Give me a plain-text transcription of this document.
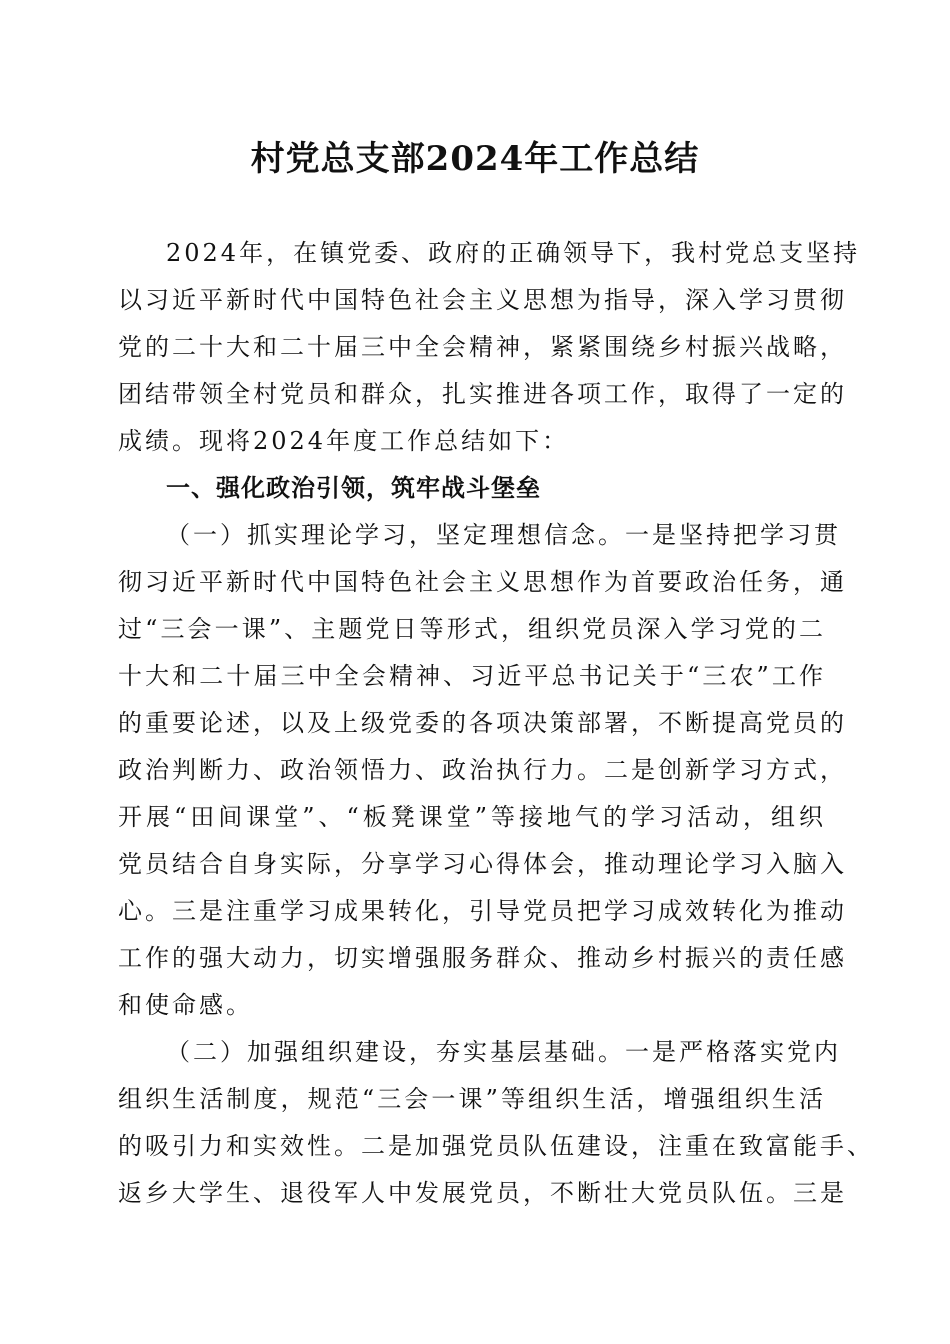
村党总支部2024年工作总结
2024年，在镇党委、政府的正确领导下，我村党总支坚持
以习近平新时代中国特色社会主义思想为指导，深入学习贯彻
党的二十大和二十届三中全会精神，紧紧围绕乡村振兴战略，
团结带领全村党员和群众，扎实推进各项工作，取得了一定的
成绩。现将2024年度工作总结如下：
一、强化政治引领，筑牢战斗堡垒
（一）抓实理论学习，坚定理想信念。一是坚持把学习贯
彻习近平新时代中国特色社会主义思想作为首要政治任务，通
过“三会一课”、主题党日等形式，组织党员深入学习党的二
十大和二十届三中全会精神、习近平总书记关于“三农”工作
的重要论述，以及上级党委的各项决策部署，不断提高党员的
政治判断力、政治领悟力、政治执行力。二是创新学习方式，
开展“田间课堂”、“板凳课堂”等接地气的学习活动，组织
党员结合自身实际，分享学习心得体会，推动理论学习入脑入
心。三是注重学习成果转化，引导党员把学习成效转化为推动
工作的强大动力，切实增强服务群众、推动乡村振兴的责任感
和使命感。
（二）加强组织建设，夯实基层基础。一是严格落实党内
组织生活制度，规范“三会一课”等组织生活，增强组织生活
的吸引力和实效性。二是加强党员队伍建设，注重在致富能手、
返乡大学生、退役军人中发展党员，不断壮大党员队伍。三是
